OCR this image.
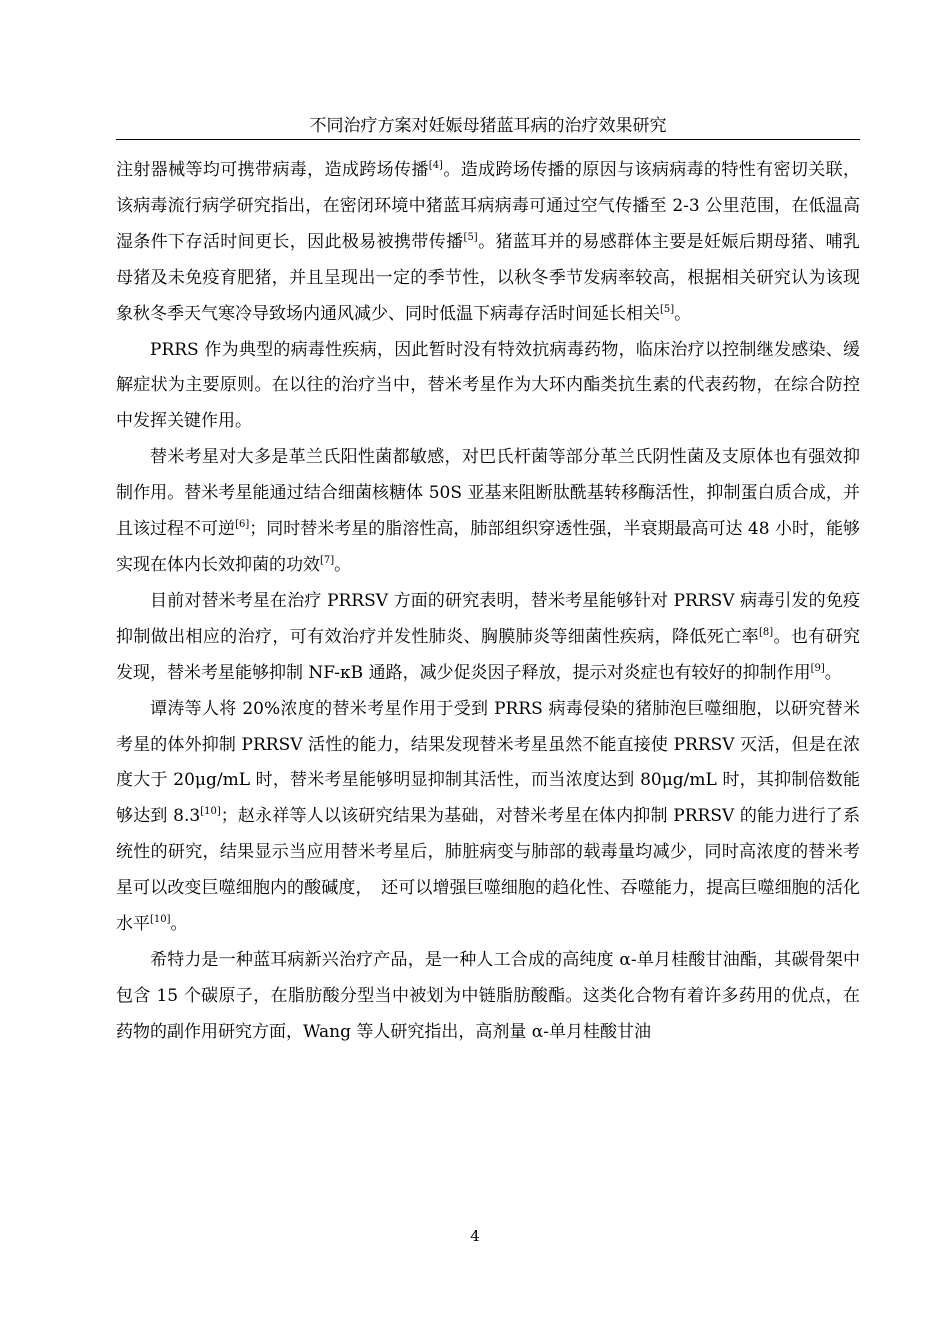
不同治疗方案对妊娠母猪蓝耳病的治疗效果研究

注射器械等均可携带病毒，造成跨场传播[4]。造成跨场传播的原因与该病病毒的特性有密切关联，该病毒流行病学研究指出，在密闭环境中猪蓝耳病病毒可通过空气传播至 2-3 公里范围，在低温高湿条件下存活时间更长，因此极易被携带传播[5]。猪蓝耳并的易感群体主要是妊娠后期母猪、哺乳母猪及未免疫育肥猪，并且呈现出一定的季节性，以秋冬季节发病率较高，根据相关研究认为该现象秋冬季天气寒冷导致场内通风减少、同时低温下病毒存活时间延长相关[5]。

PRRS 作为典型的病毒性疾病，因此暂时没有特效抗病毒药物，临床治疗以控制继发感染、缓解症状为主要原则。在以往的治疗当中，替米考星作为大环内酯类抗生素的代表药物，在综合防控中发挥关键作用。

替米考星对大多是革兰氏阳性菌都敏感，对巴氏杆菌等部分革兰氏阴性菌及支原体也有强效抑制作用。替米考星能通过结合细菌核糖体 50S 亚基来阻断肽酰基转移酶活性，抑制蛋白质合成，并且该过程不可逆[6]；同时替米考星的脂溶性高，肺部组织穿透性强，半衰期最高可达 48 小时，能够实现在体内长效抑菌的功效[7]。

目前对替米考星在治疗 PRRSV 方面的研究表明，替米考星能够针对 PRRSV 病毒引发的免疫抑制做出相应的治疗，可有效治疗并发性肺炎、胸膜肺炎等细菌性疾病，降低死亡率[8]。也有研究发现，替米考星能够抑制 NF-κB 通路，减少促炎因子释放，提示对炎症也有较好的抑制作用[9]。

谭涛等人将 20%浓度的替米考星作用于受到 PRRS 病毒侵染的猪肺泡巨噬细胞，以研究替米考星的体外抑制 PRRSV 活性的能力，结果发现替米考星虽然不能直接使 PRRSV 灭活，但是在浓度大于 20μg/mL 时，替米考星能够明显抑制其活性，而当浓度达到 80μg/mL 时，其抑制倍数能够达到 8.3[10]；赵永祥等人以该研究结果为基础，对替米考星在体内抑制 PRRSV 的能力进行了系统性的研究，结果显示当应用替米考星后，肺脏病变与肺部的载毒量均减少，同时高浓度的替米考星可以改变巨噬细胞内的酸碱度，　还可以增强巨噬细胞的趋化性、吞噬能力，提高巨噬细胞的活化水平[10]。

希特力是一种蓝耳病新兴治疗产品，是一种人工合成的高纯度 α-单月桂酸甘油酯，其碳骨架中包含 15 个碳原子，在脂肪酸分型当中被划为中链脂肪酸酯。这类化合物有着许多药用的优点，在药物的副作用研究方面，Wang 等人研究指出，高剂量 α-单月桂酸甘油

4
